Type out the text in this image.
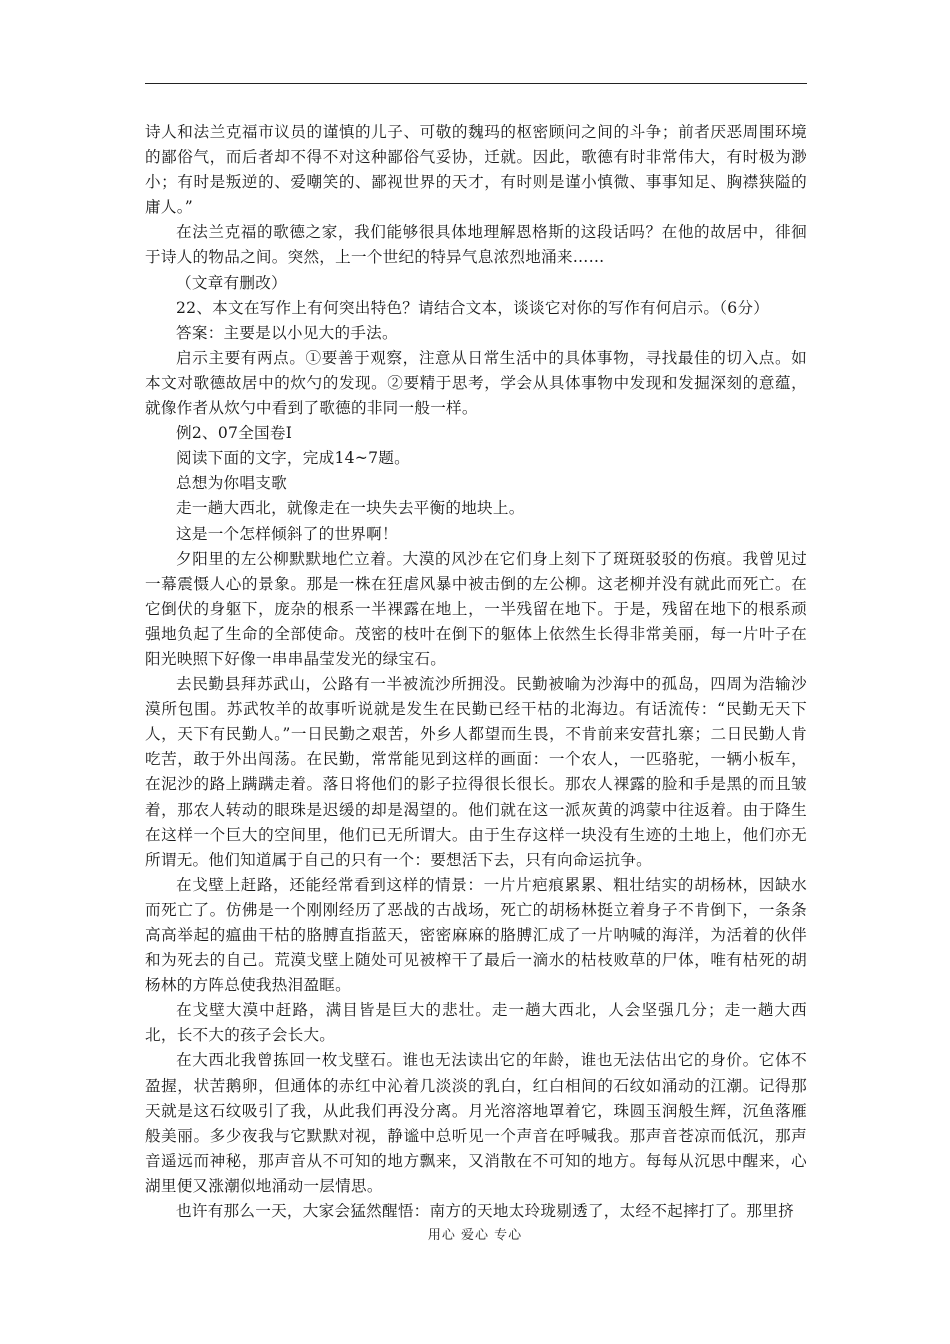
诗人和法兰克福市议员的谨慎的儿子、可敬的魏玛的枢密顾问之间的斗争；前者厌恶周围环境的鄙俗气，而后者却不得不对这种鄙俗气妥协，迁就。因此，歌德有时非常伟大，有时极为渺小；有时是叛逆的、爱嘲笑的、鄙视世界的天才，有时则是谨小慎微、事事知足、胸襟狭隘的庸人。”

在法兰克福的歌德之家，我们能够很具体地理解恩格斯的这段话吗？在他的故居中，徘徊于诗人的物品之间。突然，上一个世纪的特异气息浓烈地涌来……

（文章有删改）

22、本文在写作上有何突出特色？请结合文本，谈谈它对你的写作有何启示。（6分）

答案：主要是以小见大的手法。

启示主要有两点。①要善于观察，注意从日常生活中的具体事物，寻找最佳的切入点。如本文对歌德故居中的炊勺的发现。②要精于思考，学会从具体事物中发现和发掘深刻的意蕴，就像作者从炊勺中看到了歌德的非同一般一样。

例2、07全国卷Ⅰ

阅读下面的文字，完成14~7题。

总想为你唱支歌

走一趟大西北，就像走在一块失去平衡的地块上。

这是一个怎样倾斜了的世界啊！

夕阳里的左公柳默默地伫立着。大漠的风沙在它们身上刻下了斑斑驳驳的伤痕。我曾见过一幕震慑人心的景象。那是一株在狂虐风暴中被击倒的左公柳。这老柳并没有就此而死亡。在它倒伏的身躯下，庞杂的根系一半裸露在地上，一半残留在地下。于是，残留在地下的根系顽强地负起了生命的全部使命。茂密的枝叶在倒下的躯体上依然生长得非常美丽，每一片叶子在阳光映照下好像一串串晶莹发光的绿宝石。

去民勤县拜苏武山，公路有一半被流沙所拥没。民勤被喻为沙海中的孤岛，四周为浩输沙漠所包围。苏武牧羊的故事听说就是发生在民勤已经干枯的北海边。有话流传：“民勤无天下人，天下有民勤人。”一日民勤之艰苦，外乡人都望而生畏，不肯前来安营扎寨；二日民勤人肯吃苦，敢于外出闯荡。在民勤，常常能见到这样的画面：一个农人，一匹骆驼，一辆小板车，在泥沙的路上蹒蹒走着。落日将他们的影子拉得很长很长。那农人裸露的脸和手是黑的而且皱着，那农人转动的眼珠是迟缓的却是渴望的。他们就在这一派灰黄的鸿蒙中往返着。由于降生在这样一个巨大的空间里，他们已无所谓大。由于生存这样一块没有生迹的土地上，他们亦无所谓无。他们知道属于自己的只有一个：要想活下去，只有向命运抗争。

在戈壁上赶路，还能经常看到这样的情景：一片片疤痕累累、粗壮结实的胡杨林，因缺水而死亡了。仿佛是一个刚刚经历了恶战的古战场，死亡的胡杨林挺立着身子不肯倒下，一条条高高举起的瘟曲干枯的胳膊直指蓝天，密密麻麻的胳膊汇成了一片呐喊的海洋，为活着的伙伴和为死去的自己。荒漠戈壁上随处可见被榨干了最后一滴水的枯枝败草的尸体，唯有枯死的胡杨林的方阵总使我热泪盈眶。

在戈壁大漠中赶路，满目皆是巨大的悲壮。走一趟大西北，人会坚强几分；走一趟大西北，长不大的孩子会长大。

在大西北我曾拣回一枚戈壁石。谁也无法读出它的年龄，谁也无法估出它的身价。它体不盈握，状苦鹅卵，但通体的赤红中沁着几淡淡的乳白，红白相间的石纹如涌动的江潮。记得那天就是这石纹吸引了我，从此我们再没分离。月光溶溶地罩着它，珠圆玉润般生辉，沉鱼落雁般美丽。多少夜我与它默默对视，静谧中总听见一个声音在呼喊我。那声音苍凉而低沉，那声音遥远而神秘，那声音从不可知的地方飘来，又消散在不可知的地方。每每从沉思中醒来，心湖里便又涨潮似地涌动一层情思。

也许有那么一天，大家会猛然醒悟：南方的天地太玲珑剔透了，太经不起摔打了。那里挤

用心 爱心 专心
